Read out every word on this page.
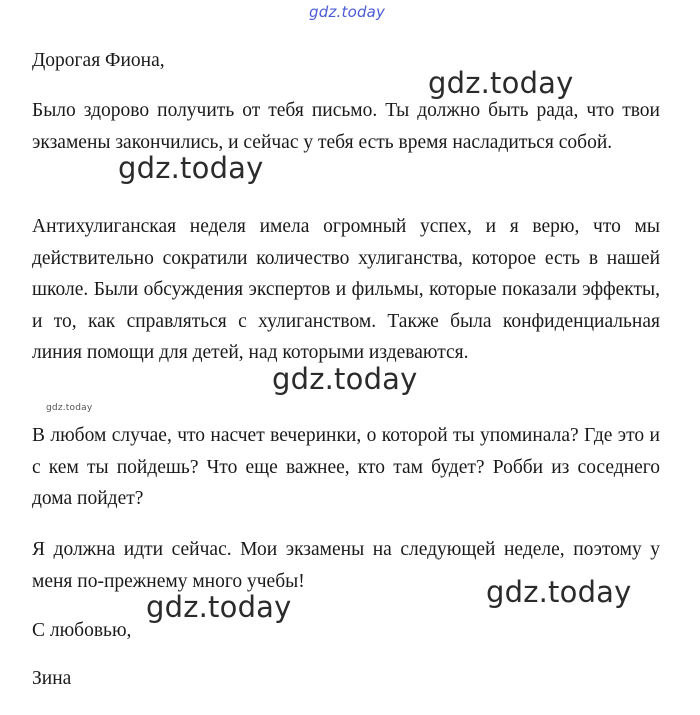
Дорогая Фиона,

Было здорово получить от тебя письмо. Ты должно быть рада, что твои экзамены закончились, и сейчас у тебя есть время насладиться собой.

Антихулиганская неделя имела огромный успех, и я верю, что мы действительно сократили количество хулиганства, которое есть в нашей школе. Были обсуждения экспертов и фильмы, которые показали эффекты, и то, как справляться с хулиганством. Также была конфиденциальная линия помощи для детей, над которыми издеваются.

В любом случае, что насчет вечеринки, о которой ты упоминала? Где это и с кем ты пойдешь? Что еще важнее, кто там будет? Робби из соседнего дома пойдет?

Я должна идти сейчас. Мои экзамены на следующей неделе, поэтому у меня по-прежнему много учебы!

С любовью,

Зина

gdz.today
gdz.today
gdz.today
gdz.today
gdz.today
gdz.today
gdz.today
